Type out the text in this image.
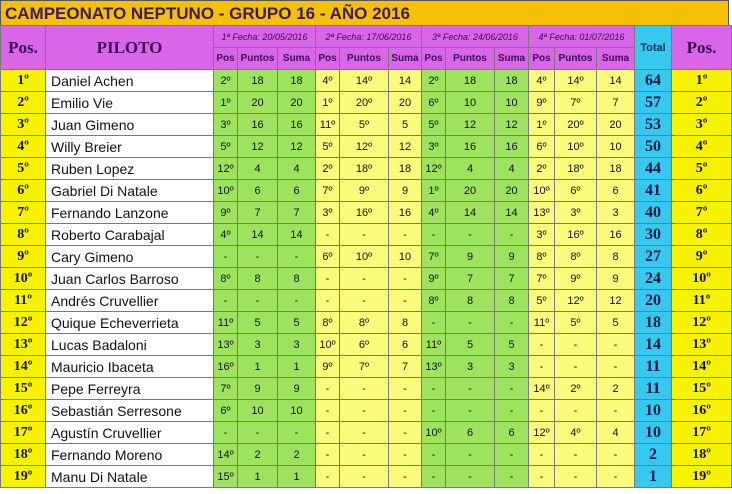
CAMPEONATO NEPTUNO - GRUPO 16 - AÑO 2016
Pos.	PILOTO	1ª Fecha: 20/05/2016			2ª Fecha: 17/06/2016			3ª Fecha: 24/06/2016			4ª Fecha: 01/07/2016			Total	Pos.
		Pos	Puntos	Suma	Pos	Puntos	Suma	Pos	Puntos	Suma	Pos	Puntos	Suma		
1º	Daniel Achen	2º	18	18	4º	14º	14	2º	18	18	4º	14º	14	64	1º
2º	Emilio Vie	1º	20	20	1º	20º	20	6º	10	10	9º	7º	7	57	2º
3º	Juan Gimeno	3º	16	16	11º	5º	5	5º	12	12	1º	20º	20	53	3º
4º	Willy Breier	5º	12	12	5º	12º	12	3º	16	16	6º	10º	10	50	4º
5º	Ruben Lopez	12º	4	4	2º	18º	18	12º	4	4	2º	18º	18	44	5º
6º	Gabriel Di Natale	10º	6	6	7º	9º	9	1º	20	20	10º	6º	6	41	6º
7º	Fernando Lanzone	9º	7	7	3º	16º	16	4º	14	14	13º	3º	3	40	7º
8º	Roberto Carabajal	4º	14	14	-	-	-	-	-	-	3º	16º	16	30	8º
9º	Cary Gimeno	-	-	-	6º	10º	10	7º	9	9	8º	8º	8	27	9º
10º	Juan Carlos Barroso	8º	8	8	-	-	-	9º	7	7	7º	9º	9	24	10º
11º	Andrés Cruvellier	-	-	-	-	-	-	8º	8	8	5º	12º	12	20	11º
12º	Quique Echeverrieta	11º	5	5	8º	8º	8	-	-	-	11º	5º	5	18	12º
13º	Lucas Badaloni	13º	3	3	10º	6º	6	11º	5	5	-	-	-	14	13º
14º	Mauricio Ibaceta	16º	1	1	9º	7º	7	13º	3	3	-	-	-	11	14º
15º	Pepe Ferreyra	7º	9	9	-	-	-	-	-	-	14º	2º	2	11	15º
16º	Sebastián Serresone	6º	10	10	-	-	-	-	-	-	-	-	-	10	16º
17º	Agustín Cruvellier	-	-	-	-	-	-	10º	6	6	12º	4º	4	10	17º
18º	Fernando Moreno	14º	2	2	-	-	-	-	-	-	-	-	-	2	18º
19º	Manu Di Natale	15º	1	1	-	-	-	-	-	-	-	-	-	1	19º
